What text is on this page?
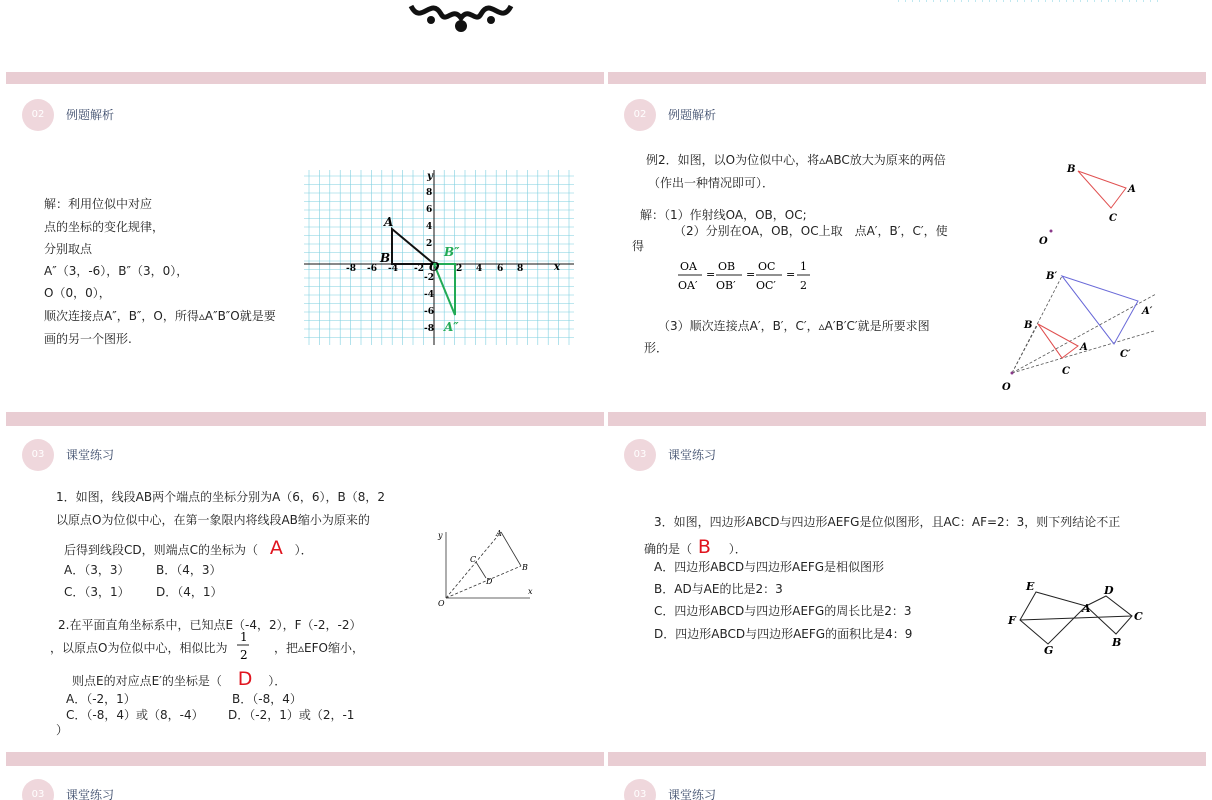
02	例题解析
解：利用位似中对应
点的坐标的变化规律，
分别取点
A″（3，-6），B″（3，0），
O（0，0），
顺次连接点A″，B″，O，所得▵A″B″O就是要
画的另一个图形.
x
y
-8 -6 -4 -2	2 4 6 8
8
6
4
2
-2
-4
-6
-8
A
B
O
A″
B″
02	例题解析
例2．如图，以O为位似中心，将▵ABC放大为原来的两倍
（作出一种情况即可）．
解：（1）作射线OA，OB，OC;
（2）分别在OA，OB，OC上取　点A′，B′，C′，使
得
OA
OA′
=
OB
OB′
=
OC
OC′
=
1
2
（3）顺次连接点A′，B′，C′，▵A′B′C′就是所要求图
形．
B
A
C
O
B′
A′
C′
B
A
C
O
03	课堂练习
1．如图，线段AB两个端点的坐标分别为A（6，6），B（8，2
以原点O为位似中心，在第一象限内将线段AB缩小为原来的
后得到线段CD，则端点C的坐标为（ A ）．
A．（3，3） B．（4，3）
C．（3，1） D．（4，1）
2.在平面直角坐标系中，已知点E（-4，2），F（-2，-2）
，以原点O为位似中心，相似比为
1
2 ，把▵EFO缩小，
则点E的对应点E′的坐标是（ D ）．
A．（-2，1）	B．（-8，4）
C．（-8，4）或（8，-4） D．（-2，1）或（2，-1
）
y
x
O
A
B
C
D
03	课堂练习
3．如图，四边形ABCD与四边形AEFG是位似图形，且AC：AF=2：3，则下列结论不正
确的是（ B ）．
A．四边形ABCD与四边形AEFG是相似图形
B．AD与AE的比是2：3
C．四边形ABCD与四边形AEFG的周长比是2：3
D．四边形ABCD与四边形AEFG的面积比是4：9
E
F
G
A
D
C
B
03	课堂练习	03	课堂练习
